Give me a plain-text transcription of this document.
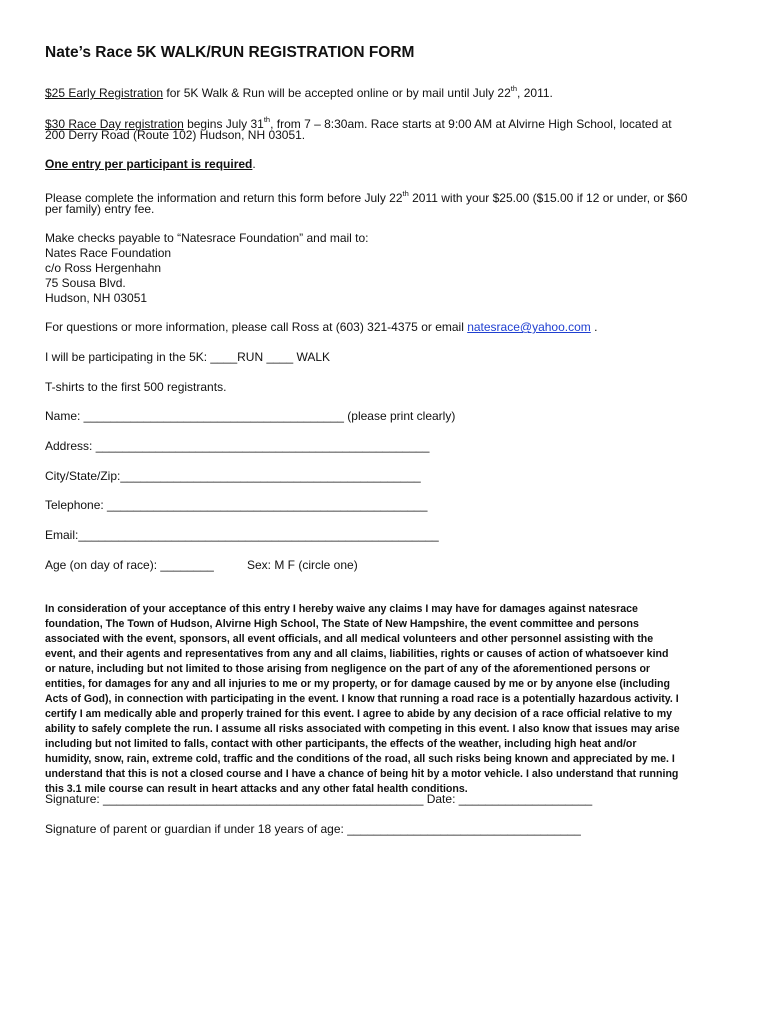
Nate’s Race 5K WALK/RUN REGISTRATION FORM
$25 Early Registration for 5K Walk & Run will be accepted online or by mail until July 22th, 2011.
$30 Race Day registration begins July 31th, from 7 – 8:30am. Race starts at 9:00 AM at Alvirne High School, located at
200 Derry Road (Route 102) Hudson, NH 03051.
One entry per participant is required.
Please complete the information and return this form before July 22th 2011 with your $25.00 ($15.00 if 12 or under, or $60
per family) entry fee.
Make checks payable to “Natesrace Foundation” and mail to:
Nates Race Foundation
c/o Ross Hergenhahn
75 Sousa Blvd.
Hudson, NH 03051
For questions or more information, please call Ross at (603) 321-4375 or email natesrace@yahoo.com .
I will be participating in the 5K: ____RUN ____ WALK
T-shirts to the first 500 registrants.
Name: _______________________________________ (please print clearly)
Address: __________________________________________________
City/State/Zip:_____________________________________________
Telephone: ________________________________________________
Email:______________________________________________________
Age (on day of race): ________	Sex: M F (circle one)
In consideration of your acceptance of this entry I hereby waive any claims I may have for damages against natesrace
foundation, The Town of Hudson, Alvirne High School, The State of New Hampshire, the event committee and persons
associated with the event, sponsors, all event officials, and all medical volunteers and other personnel assisting with the
event, and their agents and representatives from any and all claims, liabilities, rights or causes of action of whatsoever kind
or nature, including but not limited to those arising from negligence on the part of any of the aforementioned persons or
entities, for damages for any and all injuries to me or my property, or for damage caused by me or by anyone else (including
Acts of God), in connection with participating in the event. I know that running a road race is a potentially hazardous activity. I
certify I am medically able and properly trained for this event. I agree to abide by any decision of a race official relative to my
ability to safely complete the run. I assume all risks associated with competing in this event. I also know that issues may arise
including but not limited to falls, contact with other participants, the effects of the weather, including high heat and/or
humidity, snow, rain, extreme cold, traffic and the conditions of the road, all such risks being known and appreciated by me. I
understand that this is not a closed course and I have a chance of being hit by a motor vehicle. I also understand that running
this 3.1 mile course can result in heart attacks and any other fatal health conditions.
Signature: ________________________________________________ Date: ____________________
Signature of parent or guardian if under 18 years of age: ___________________________________
